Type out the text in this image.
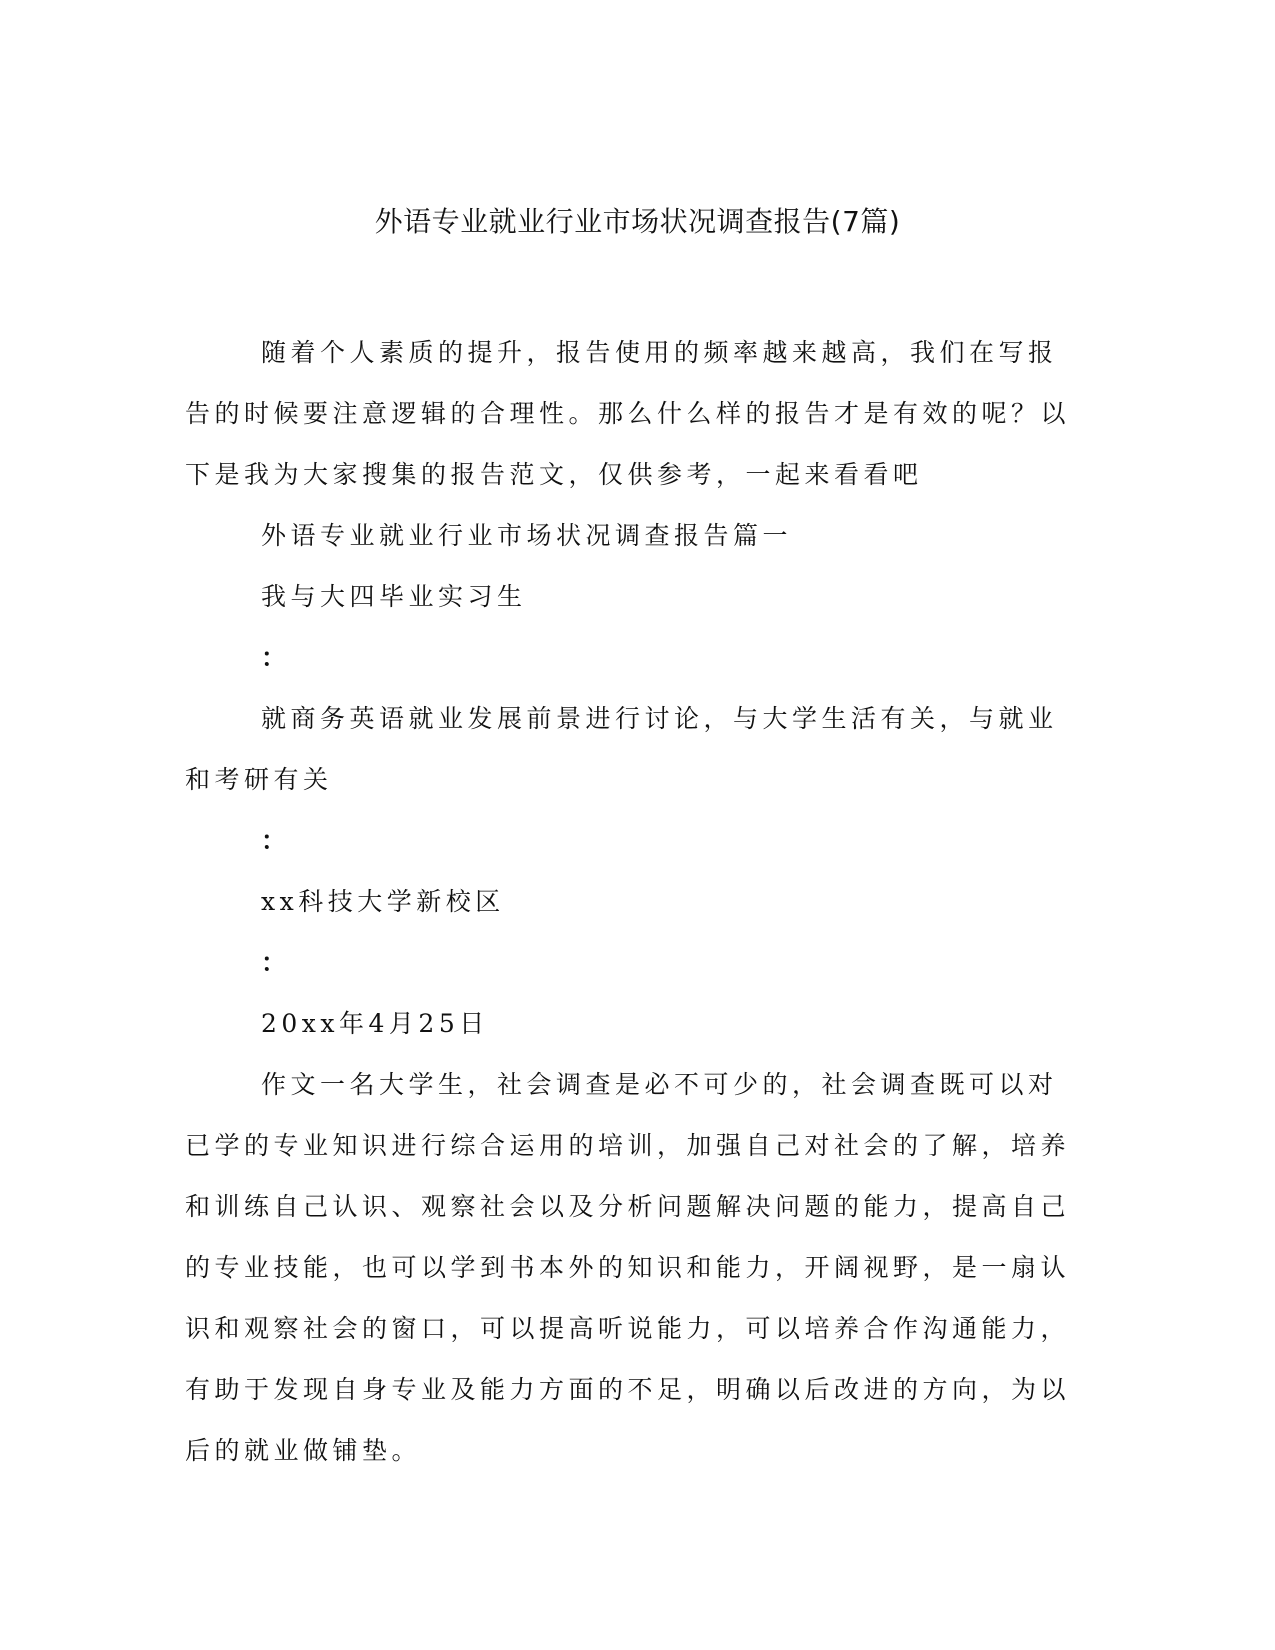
外语专业就业行业市场状况调查报告(7篇)

随着个人素质的提升，报告使用的频率越来越高，我们在写报告的时候要注意逻辑的合理性。那么什么样的报告才是有效的呢？以下是我为大家搜集的报告范文，仅供参考，一起来看看吧

外语专业就业行业市场状况调查报告篇一

我与大四毕业实习生

：

就商务英语就业发展前景进行讨论，与大学生活有关，与就业和考研有关

：

xx科技大学新校区

：

20xx年4月25日

作文一名大学生，社会调查是必不可少的，社会调查既可以对已学的专业知识进行综合运用的培训，加强自己对社会的了解，培养和训练自己认识、观察社会以及分析问题解决问题的能力，提高自己的专业技能，也可以学到书本外的知识和能力，开阔视野，是一扇认识和观察社会的窗口，可以提高听说能力，可以培养合作沟通能力，有助于发现自身专业及能力方面的不足，明确以后改进的方向，为以后的就业做铺垫。
